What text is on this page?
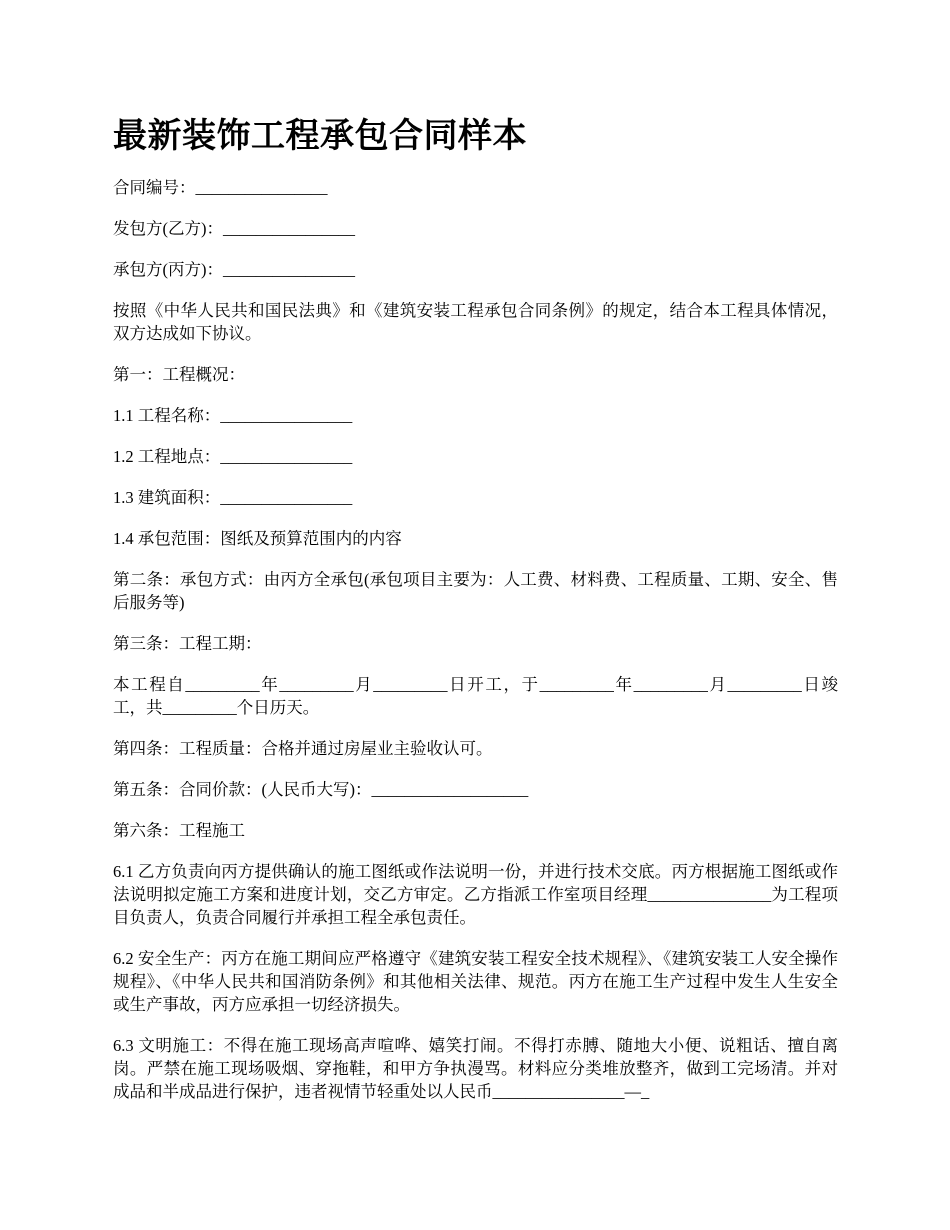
最新装饰工程承包合同样本

合同编号：________________

发包方(乙方)：________________

承包方(丙方)：________________

按照《中华人民共和国民法典》和《建筑安装工程承包合同条例》的规定，结合本工程具体情况，双方达成如下协议。

第一：工程概况：

1.1 工程名称：________________

1.2 工程地点：________________

1.3 建筑面积：________________

1.4 承包范围：图纸及预算范围内的内容

第二条：承包方式：由丙方全承包(承包项目主要为：人工费、材料费、工程质量、工期、安全、售后服务等)

第三条：工程工期：

本工程自_________年_________月_________日开工，于_________年_________月_________日竣工，共_________个日历天。

第四条：工程质量：合格并通过房屋业主验收认可。

第五条：合同价款：(人民币大写)：___________________

第六条：工程施工

6.1 乙方负责向丙方提供确认的施工图纸或作法说明一份，并进行技术交底。丙方根据施工图纸或作法说明拟定施工方案和进度计划，交乙方审定。乙方指派工作室项目经理_______________为工程项目负责人，负责合同履行并承担工程全承包责任。

6.2 安全生产：丙方在施工期间应严格遵守《建筑安装工程安全技术规程》、《建筑安装工人安全操作规程》、《中华人民共和国消防条例》和其他相关法律、规范。丙方在施工生产过程中发生人生安全或生产事故，丙方应承担一切经济损失。

6.3 文明施工：不得在施工现场高声喧哗、嬉笑打闹。不得打赤膊、随地大小便、说粗话、擅自离岗。严禁在施工现场吸烟、穿拖鞋，和甲方争执漫骂。材料应分类堆放整齐，做到工完场清。并对成品和半成品进行保护，违者视情节轻重处以人民币________________—_
